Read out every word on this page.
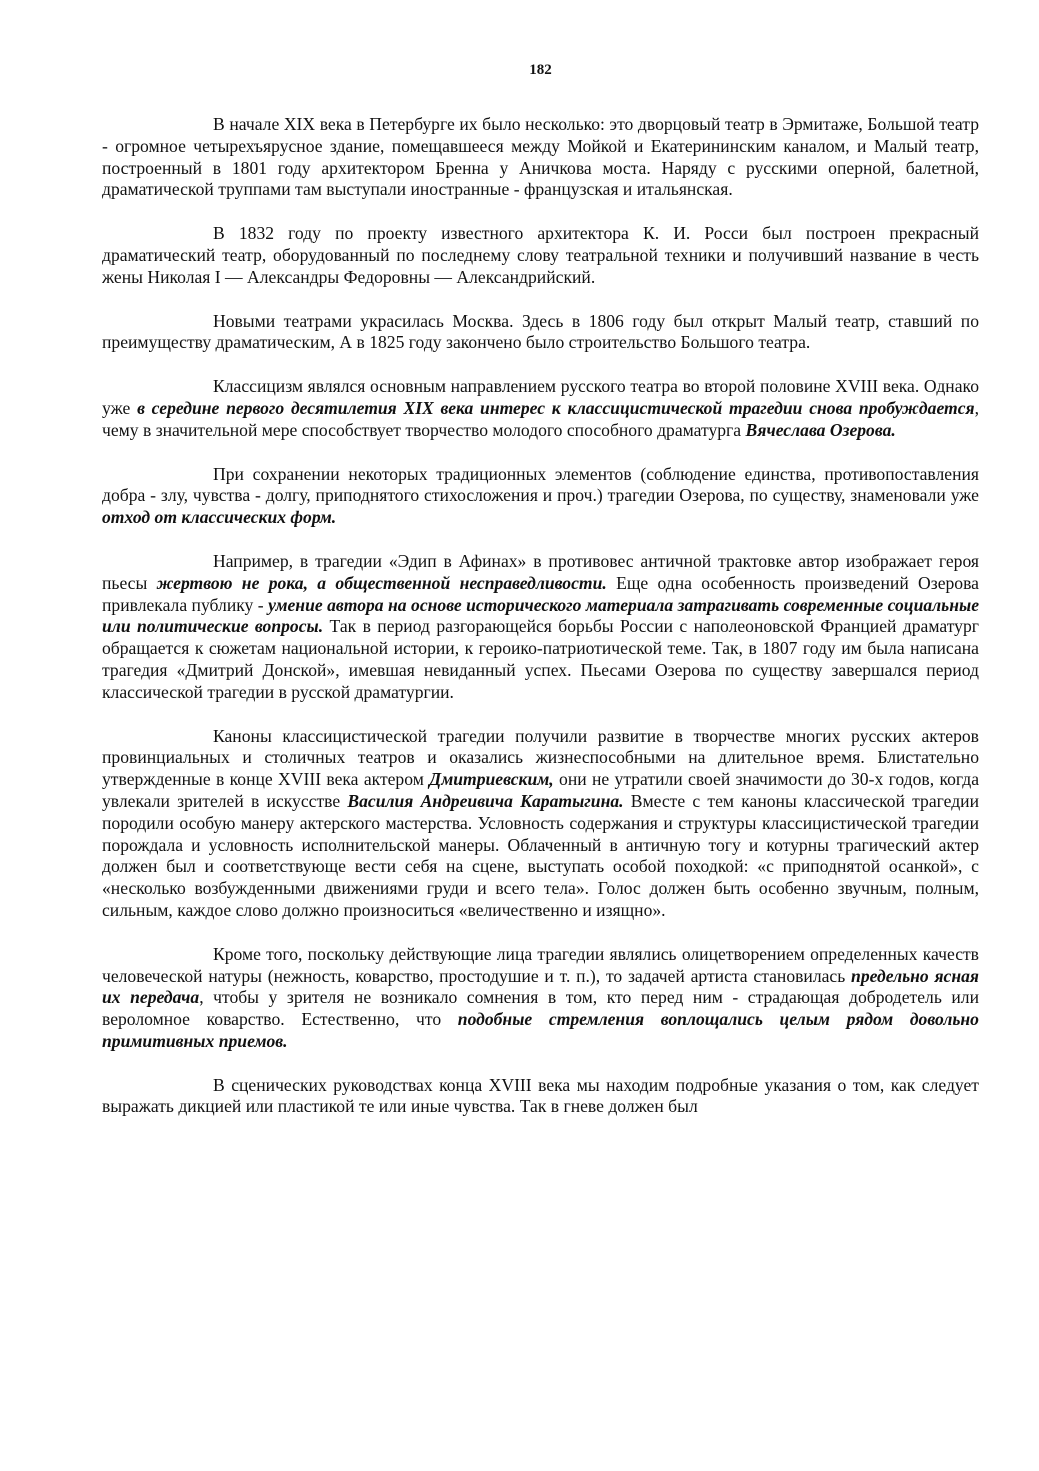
182

В начале XIX века в Петербурге их было несколько: это дворцовый театр в Эрмитаже, Большой театр - огромное четырехъярусное здание, помещавшееся между Мойкой и Екатерининским каналом, и Малый театр, построенный в 1801 году архитектором Бренна у Аничкова моста. Наряду с русскими оперной, балетной, драматической труппами там выступали иностранные - французская и итальянская.

В 1832 году по проекту известного архитектора К. И. Росси был построен прекрасный драматический театр, оборудованный по последнему слову театральной техники и получивший название в честь жены Николая I — Александры Федоровны — Александрийский.

Новыми театрами украсилась Москва. Здесь в 1806 году был открыт Малый театр, ставший по преимуществу драматическим, А в 1825 году закончено было строительство Большого театра.

Классицизм являлся основным направлением русского театра во второй половине XVIII века. Однако уже в середине первого десятилетия XIX века интерес к классицистической трагедии снова пробуждается, чему в значительной мере способствует творчество молодого способного драматурга Вячеслава Озерова.

При сохранении некоторых традиционных элементов (соблюдение единства, противопоставления добра - злу, чувства - долгу, приподнятого стихосложения и проч.) трагедии Озерова, по существу, знаменовали уже отход от классических форм.

Например, в трагедии «Эдип в Афинах» в противовес античной трактовке автор изображает героя пьесы жертвою не рока, а общественной несправедливости. Еще одна особенность произведений Озерова привлекала публику - умение автора на основе исторического материала затрагивать современные социальные или политические вопросы. Так в период разгорающейся борьбы России с наполеоновской Францией драматург обращается к сюжетам национальной истории, к героико-патриотической теме. Так, в 1807 году им была написана трагедия «Дмитрий Донской», имевшая невиданный успех. Пьесами Озерова по существу завершался период классической трагедии в русской драматургии.

Каноны классицистической трагедии получили развитие в творчестве многих русских актеров провинциальных и столичных театров и оказались жизнеспособными на длительное время. Блистательно утвержденные в конце XVIII века актером Дмитриевским, они не утратили своей значимости до 30-х годов, когда увлекали зрителей в искусстве Василия Андреивича Каратыгина. Вместе с тем каноны классической трагедии породили особую манеру актерского мастерства. Условность содержания и структуры классицистической трагедии порождала и условность исполнительской манеры. Облаченный в античную тогу и котурны трагический актер должен был и соответствующе вести себя на сцене, выступать особой походкой: «с приподнятой осанкой», с «несколько возбужденными движениями груди и всего тела». Голос должен быть особенно звучным, полным, сильным, каждое слово должно произноситься «величественно и изящно».

Кроме того, поскольку действующие лица трагедии являлись олицетворением определенных качеств человеческой натуры (нежность, коварство, простодушие и т. п.), то задачей артиста становилась предельно ясная их передача, чтобы у зрителя не возникало сомнения в том, кто перед ним - страдающая добродетель или вероломное коварство. Естественно, что подобные стремления воплощались целым рядом довольно примитивных приемов.

В сценических руководствах конца XVIII века мы находим подробные указания о том, как следует выражать дикцией или пластикой те или иные чувства. Так в гневе должен был
